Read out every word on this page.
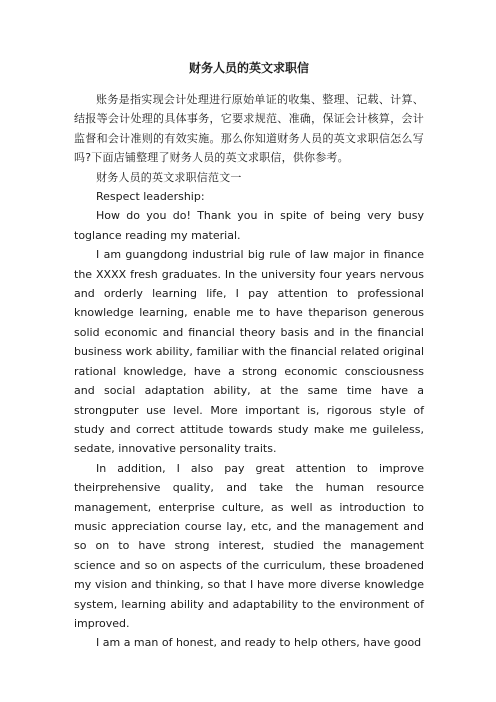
财务人员的英文求职信

账务是指实现会计处理进行原始单证的收集、整理、记载、计算、结报等会计处理的具体事务，它要求规范、准确，保证会计核算，会计监督和会计准则的有效实施。那么你知道财务人员的英文求职信怎么写吗?下面店铺整理了财务人员的英文求职信，供你参考。

财务人员的英文求职信范文一

Respect leadership:

How do you do! Thank you in spite of being very busy toglance reading my material.

I am guangdong industrial big rule of law major in finance the XXXX fresh graduates. In the university four years nervous and orderly learning life, I pay attention to professional knowledge learning, enable me to have theparison generous solid economic and financial theory basis and in the financial business work ability, familiar with the financial related original rational knowledge, have a strong economic consciousness and social adaptation ability, at the same time have a strongputer use level. More important is, rigorous style of study and correct attitude towards study make me guileless, sedate, innovative personality traits.

In addition, I also pay great attention to improve theirprehensive quality, and take the human resource management, enterprise culture, as well as introduction to music appreciation course lay, etc, and the management and so on to have strong interest, studied the management science and so on aspects of the curriculum, these broadened my vision and thinking, so that I have more diverse knowledge system, learning ability and adaptability to the environment of improved.

I am a man of honest, and ready to help others, have good
